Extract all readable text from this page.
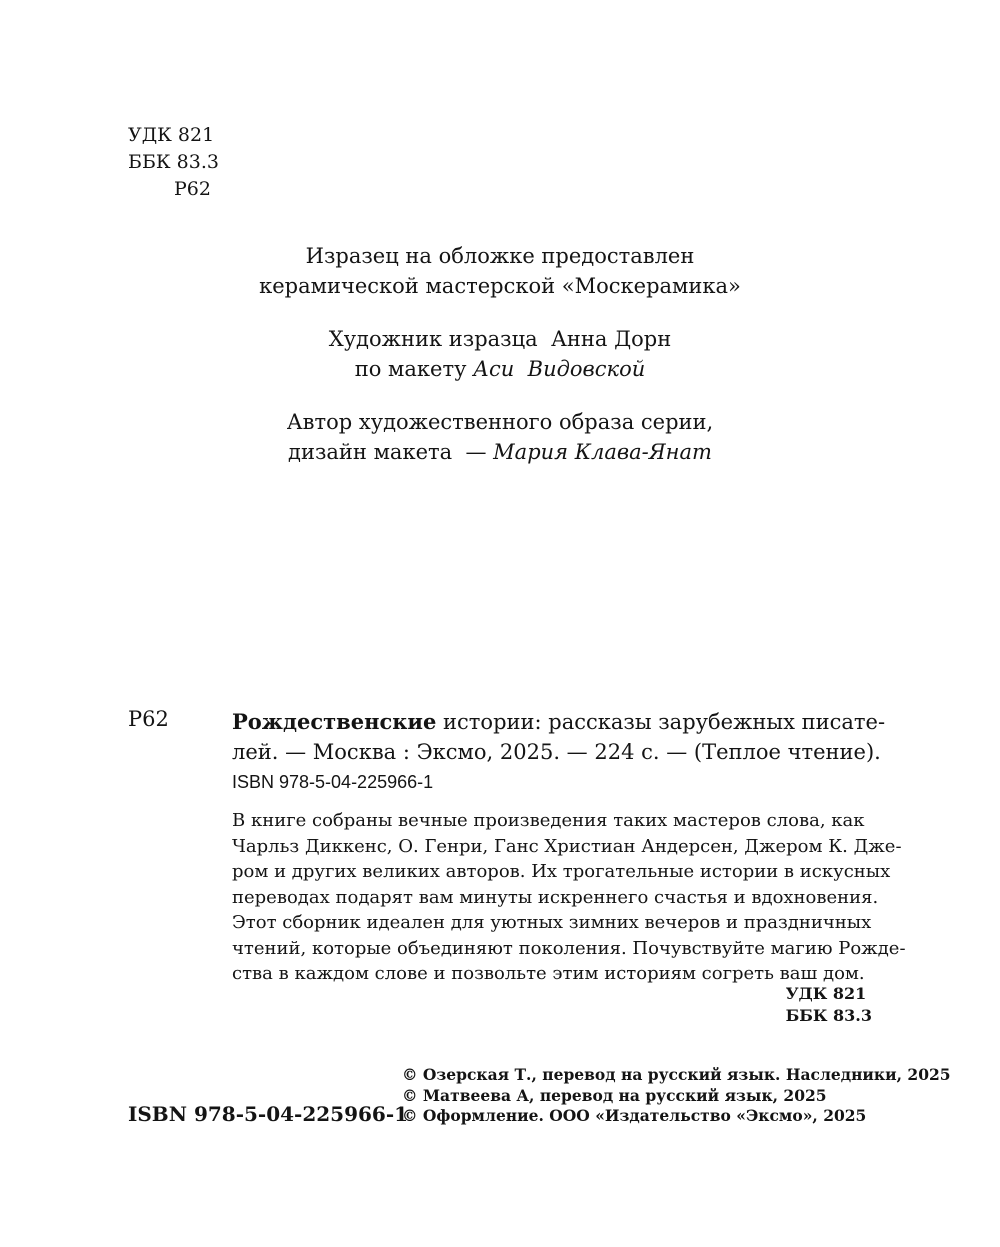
УДК 821
ББК 83.3
Р62
Изразец на обложке предоставлен
керамической мастерской «Москерамика»
Художник изразца  Анна Дорн
по макету Аси  Видовской
Автор художественного образа серии,
дизайн макета  — Мария Клава-Янат
Р62	Рождественские истории: рассказы зарубежных писате-
лей. — Москва : Эксмо, 2025. — 224 с. — (Теплое чтение).
ISBN 978-5-04-225966-1
В книге собраны вечные произведения таких мастеров слова, как
Чарльз Диккенс, О. Генри, Ганс Христиан Андерсен, Джером К. Дже-
ром и других великих авторов. Их трогательные истории в искусных
переводах подарят вам минуты искреннего счастья и вдохновения.
Этот сборник идеален для уютных зимних вечеров и праздничных
чтений, которые объединяют поколения. Почувствуйте магию Рожде-
ства в каждом слове и позвольте этим историям согреть ваш дом.
УДК 821
ББК 83.3
© Озерская Т., перевод на русский язык. Наследники, 2025
© Матвеева А, перевод на русский язык, 2025
© Оформление. ООО «Издательство «Эксмо», 2025
ISBN 978-5-04-225966-1
